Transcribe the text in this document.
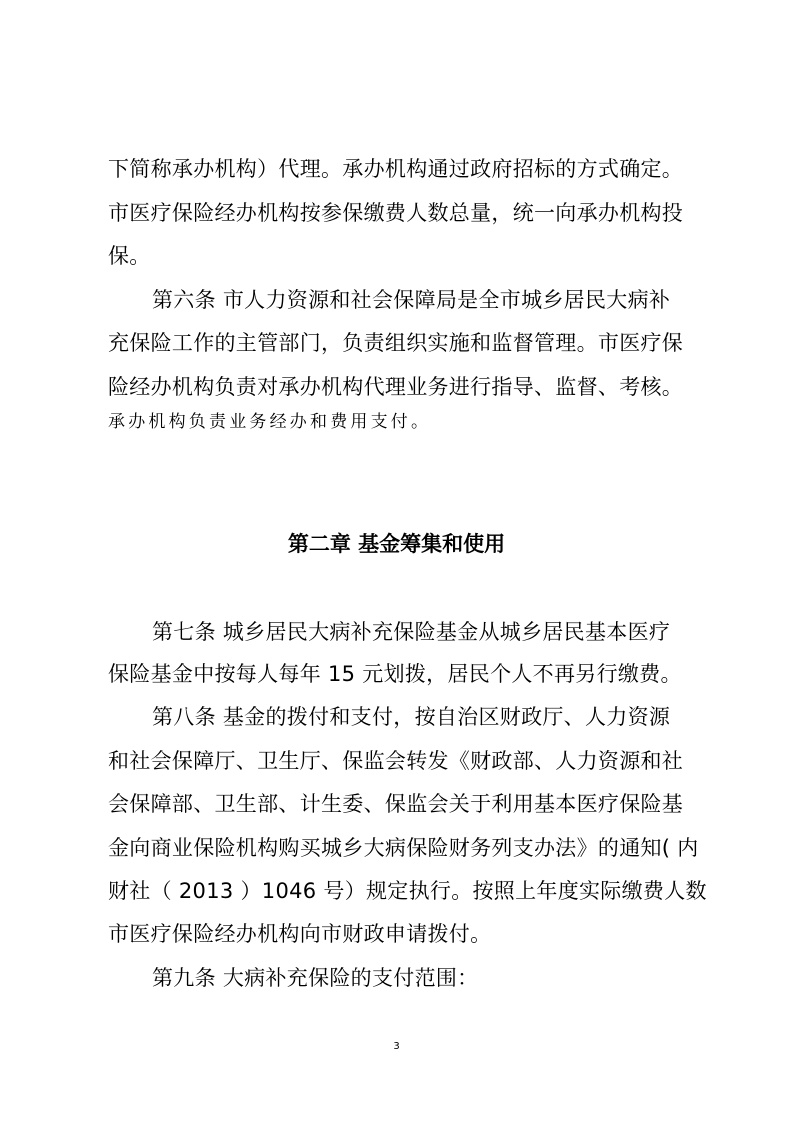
下简称承办机构）代理。承办机构通过政府招标的方式确定。
市医疗保险经办机构按参保缴费人数总量，统一向承办机构投
保。
第六条 市人力资源和社会保障局是全市城乡居民大病补
充保险工作的主管部门，负责组织实施和监督管理。市医疗保
险经办机构负责对承办机构代理业务进行指导、监督、考核。
承办机构负责业务经办和费用支付。
第二章 基金筹集和使用
第七条 城乡居民大病补充保险基金从城乡居民基本医疗
保险基金中按每人每年 15 元划拨，居民个人不再另行缴费。
第八条 基金的拨付和支付，按自治区财政厅、人力资源
和社会保障厅、卫生厅、保监会转发《财政部、人力资源和社
会保障部、卫生部、计生委、保监会关于利用基本医疗保险基
金向商业保险机构购买城乡大病保险财务列支办法》的通知( 内
财社（ 2013 ）1046 号）规定执行。按照上年度实际缴费人数
市医疗保险经办机构向市财政申请拨付。
第九条 大病补充保险的支付范围：
3
